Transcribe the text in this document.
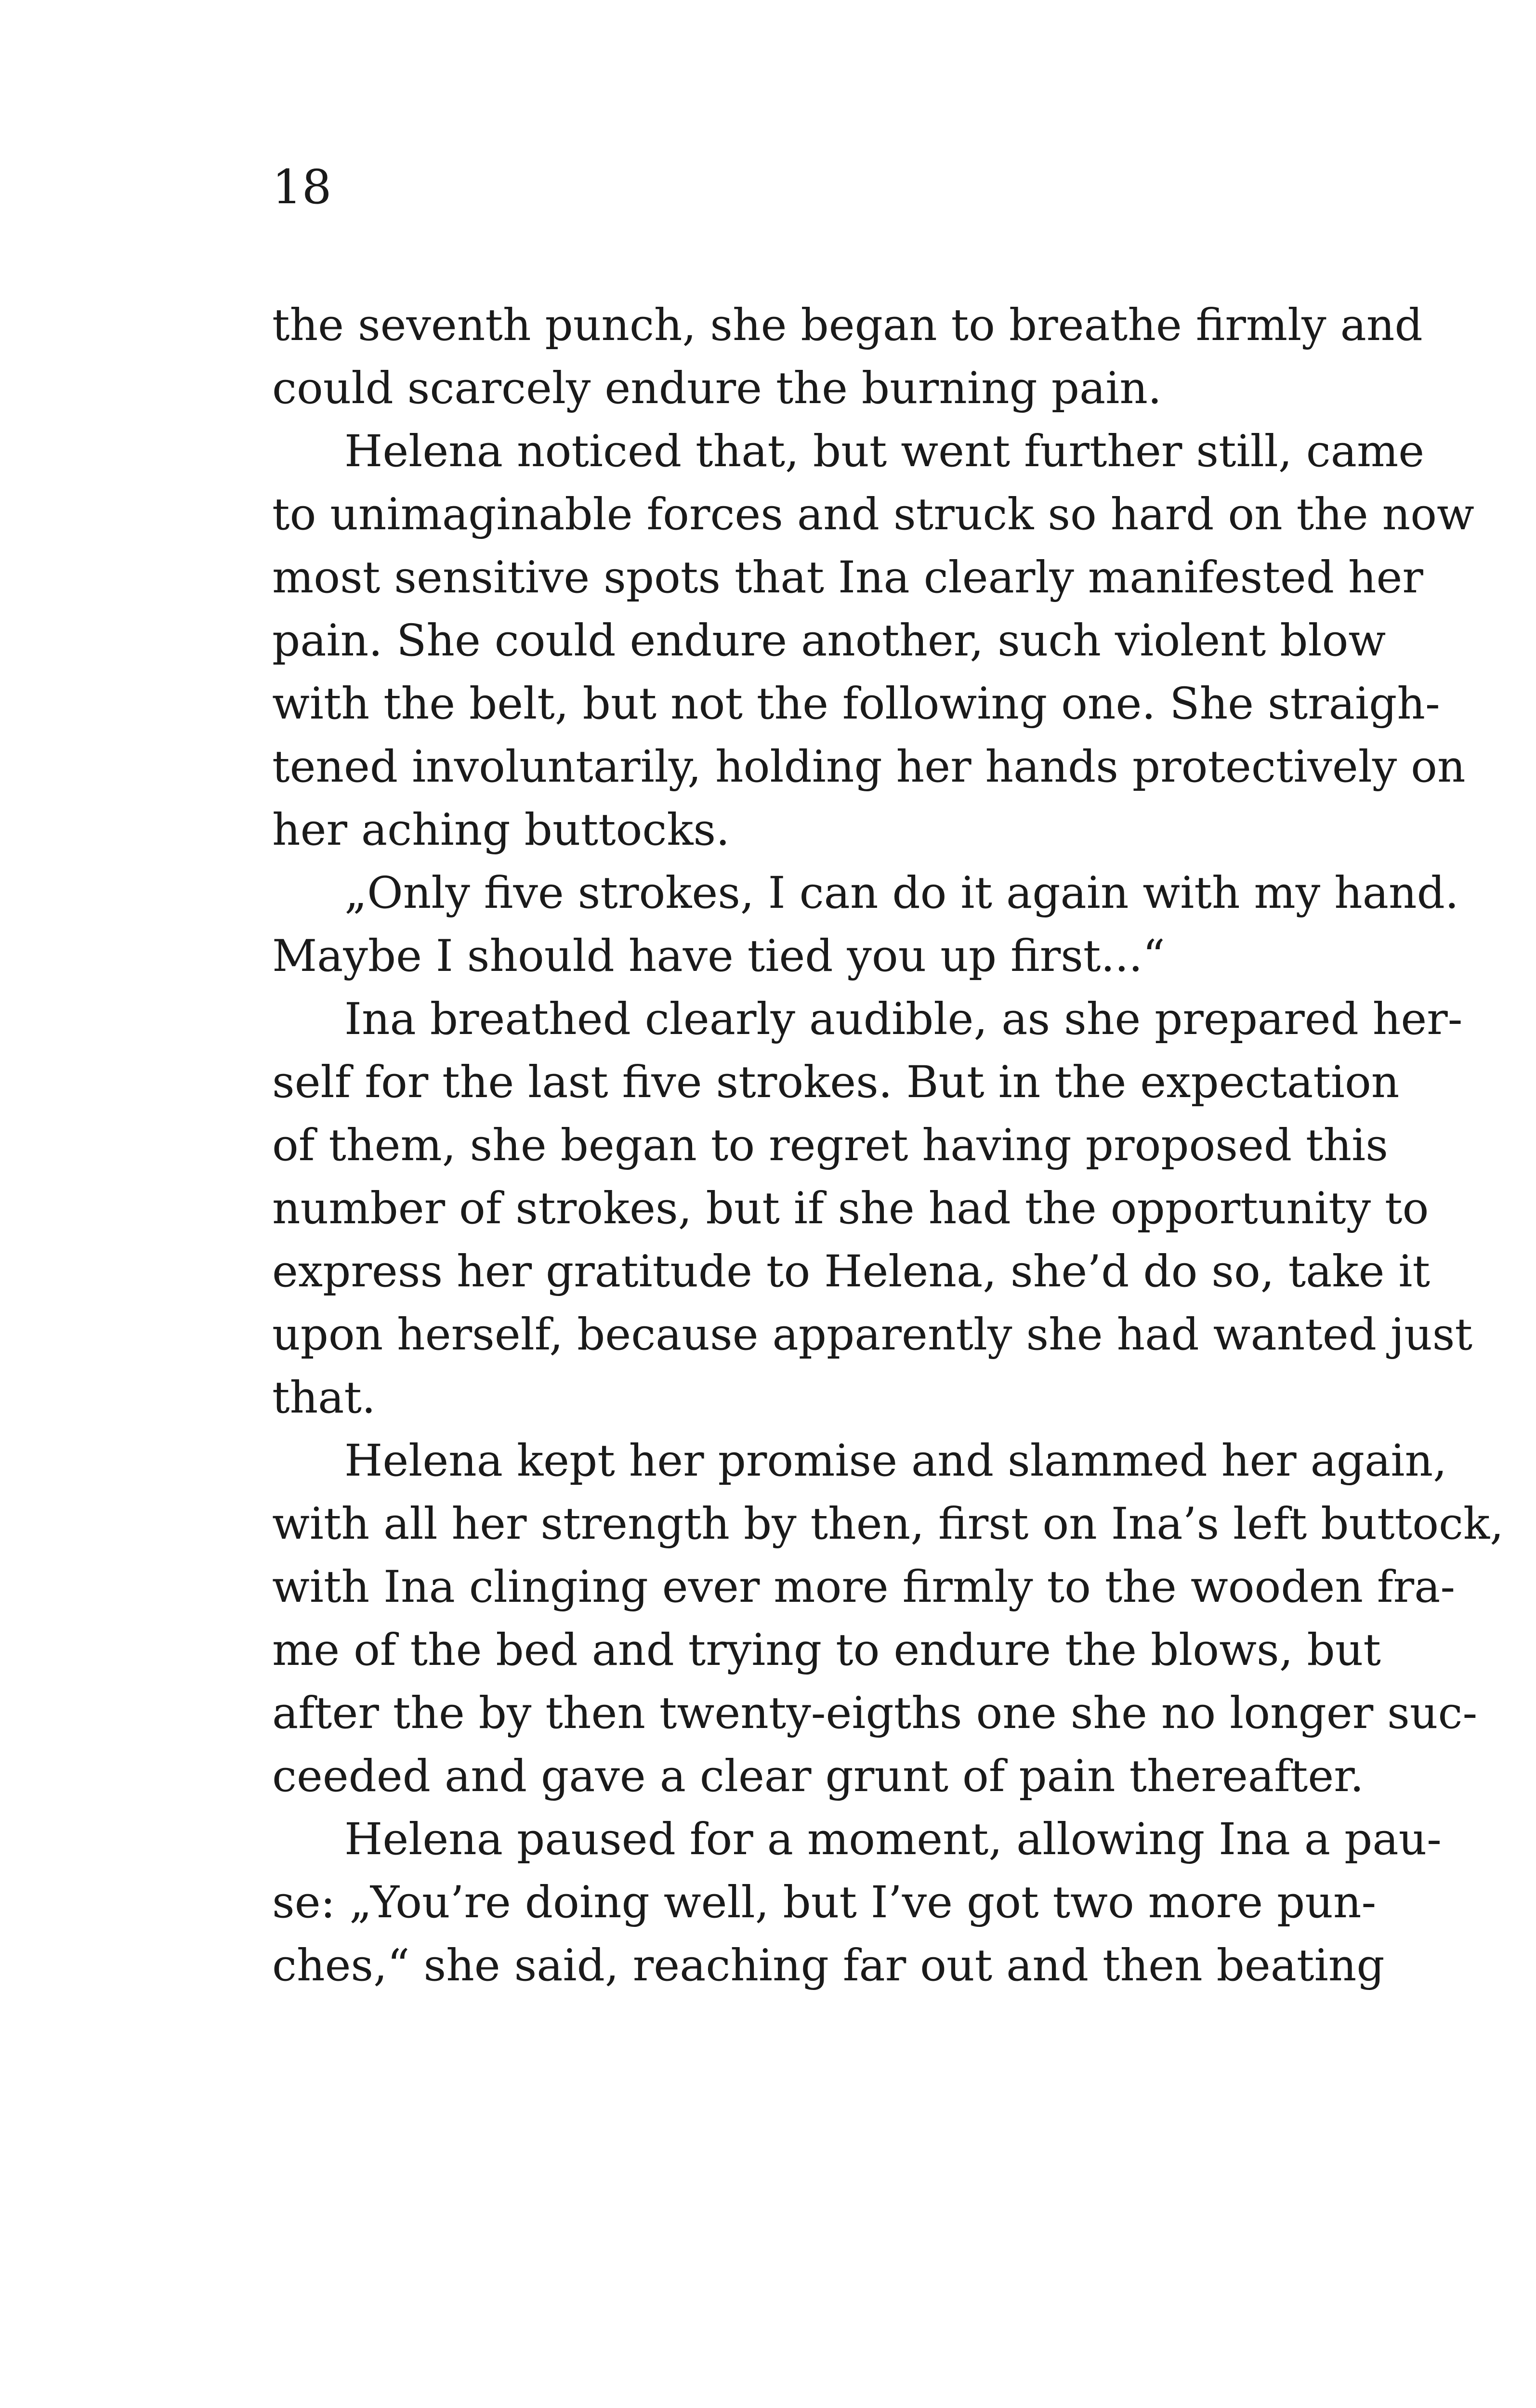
18
the seventh punch, she began to breathe firmly and
could scarcely endure the burning pain.
Helena noticed that, but went further still, came
to unimaginable forces and struck so hard on the now
most sensitive spots that Ina clearly manifested her
pain. She could endure another, such violent blow
with the belt, but not the following one. She straigh-
tened involuntarily, holding her hands protectively on
her aching buttocks.
„Only five strokes, I can do it again with my hand.
Maybe I should have tied you up first...“
Ina breathed clearly audible, as she prepared her-
self for the last five strokes. But in the expectation
of them, she began to regret having proposed this
number of strokes, but if she had the opportunity to
express her gratitude to Helena, she’d do so, take it
upon herself, because apparently she had wanted just
that.
Helena kept her promise and slammed her again,
with all her strength by then, first on Ina’s left buttock,
with Ina clinging ever more firmly to the wooden fra-
me of the bed and trying to endure the blows, but
after the by then twenty-eigths one she no longer suc-
ceeded and gave a clear grunt of pain thereafter.
Helena paused for a moment, allowing Ina a pau-
se: „You’re doing well, but I’ve got two more pun-
ches,“ she said, reaching far out and then beating
